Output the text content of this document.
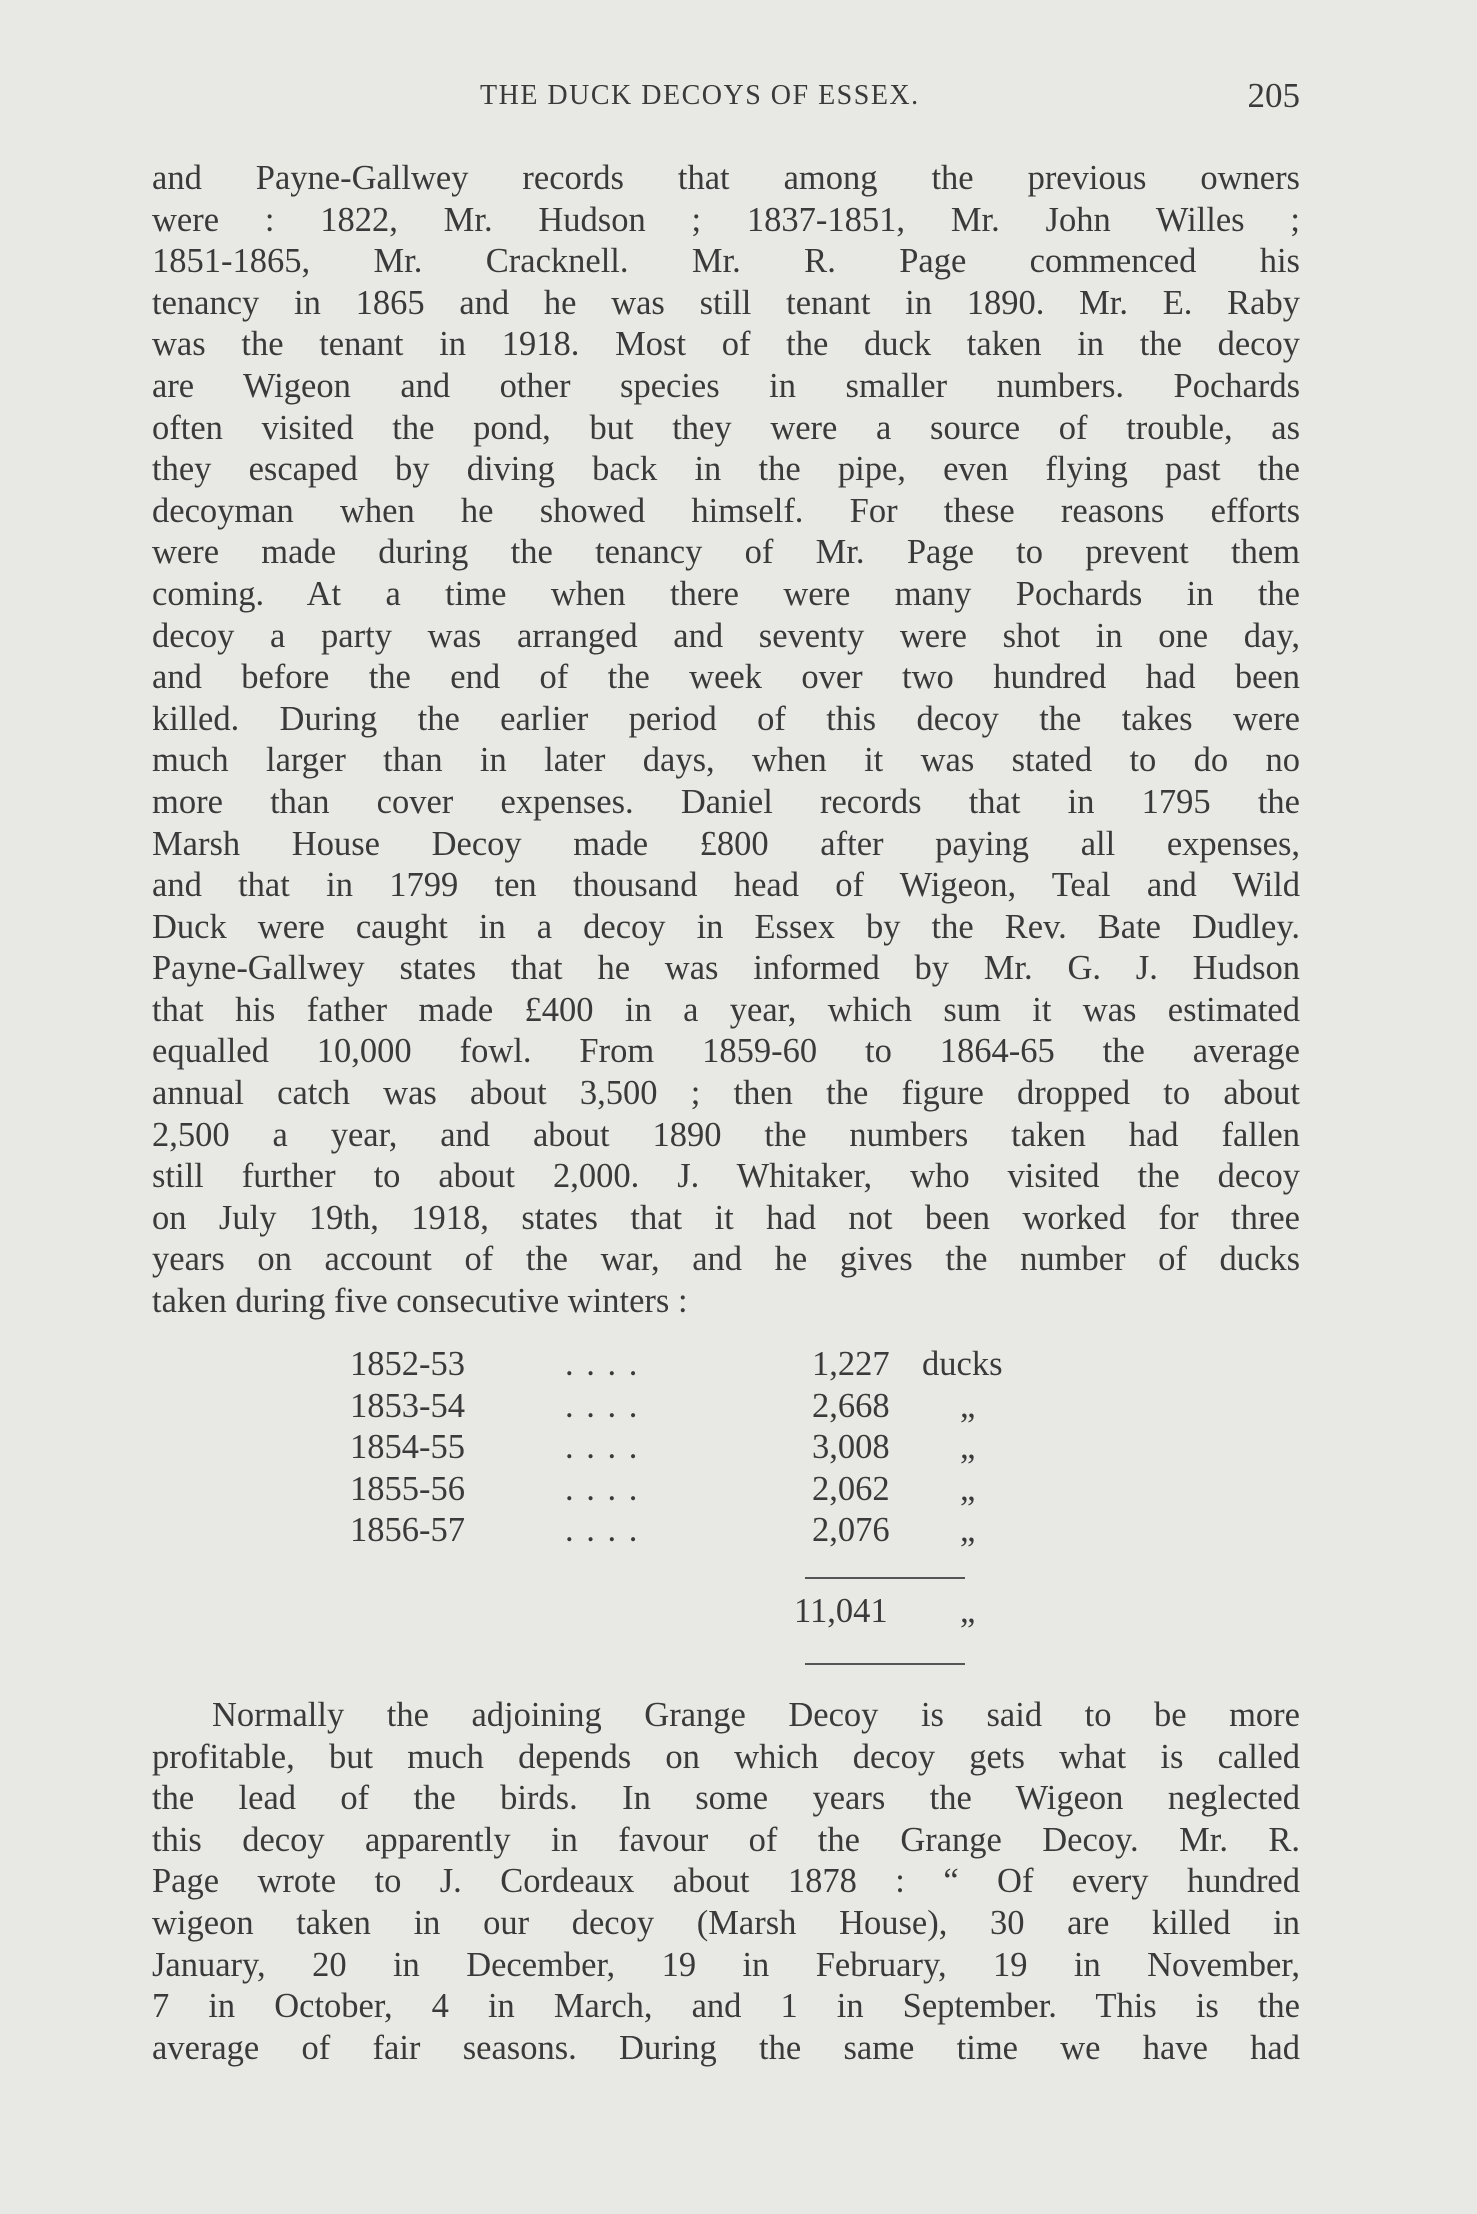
THE DUCK DECOYS OF ESSEX.	205
and Payne-Gallwey records that among the previous owners
were : 1822, Mr. Hudson ; 1837-1851, Mr. John Willes ;
1851-1865, Mr. Cracknell. Mr. R. Page commenced his
tenancy in 1865 and he was still tenant in 1890. Mr. E. Raby
was the tenant in 1918. Most of the duck taken in the decoy
are Wigeon and other species in smaller numbers. Pochards
often visited the pond, but they were a source of trouble, as
they escaped by diving back in the pipe, even flying past the
decoyman when he showed himself. For these reasons efforts
were made during the tenancy of Mr. Page to prevent them
coming. At a time when there were many Pochards in the
decoy a party was arranged and seventy were shot in one day,
and before the end of the week over two hundred had been
killed. During the earlier period of this decoy the takes were
much larger than in later days, when it was stated to do no
more than cover expenses. Daniel records that in 1795 the
Marsh House Decoy made £800 after paying all expenses,
and that in 1799 ten thousand head of Wigeon, Teal and Wild
Duck were caught in a decoy in Essex by the Rev. Bate Dudley.
Payne-Gallwey states that he was informed by Mr. G. J. Hudson
that his father made £400 in a year, which sum it was estimated
equalled 10,000 fowl. From 1859-60 to 1864-65 the average
annual catch was about 3,500 ; then the figure dropped to about
2,500 a year, and about 1890 the numbers taken had fallen
still further to about 2,000. J. Whitaker, who visited the decoy
on July 19th, 1918, states that it had not been worked for three
years on account of the war, and he gives the number of ducks
taken during five consecutive winters :
1852-53	. . . .	1,227 ducks
1853-54	. . . .	2,668 „
1854-55	. . . .	3,008 „
1855-56	. . . .	2,062 „
1856-57	. . . .	2,076 „
11,041 „
Normally the adjoining Grange Decoy is said to be more
profitable, but much depends on which decoy gets what is called
the lead of the birds. In some years the Wigeon neglected
this decoy apparently in favour of the Grange Decoy. Mr. R.
Page wrote to J. Cordeaux about 1878 : “ Of every hundred
wigeon taken in our decoy (Marsh House), 30 are killed in
January, 20 in December, 19 in February, 19 in November,
7 in October, 4 in March, and 1 in September. This is the
average of fair seasons. During the same time we have had
